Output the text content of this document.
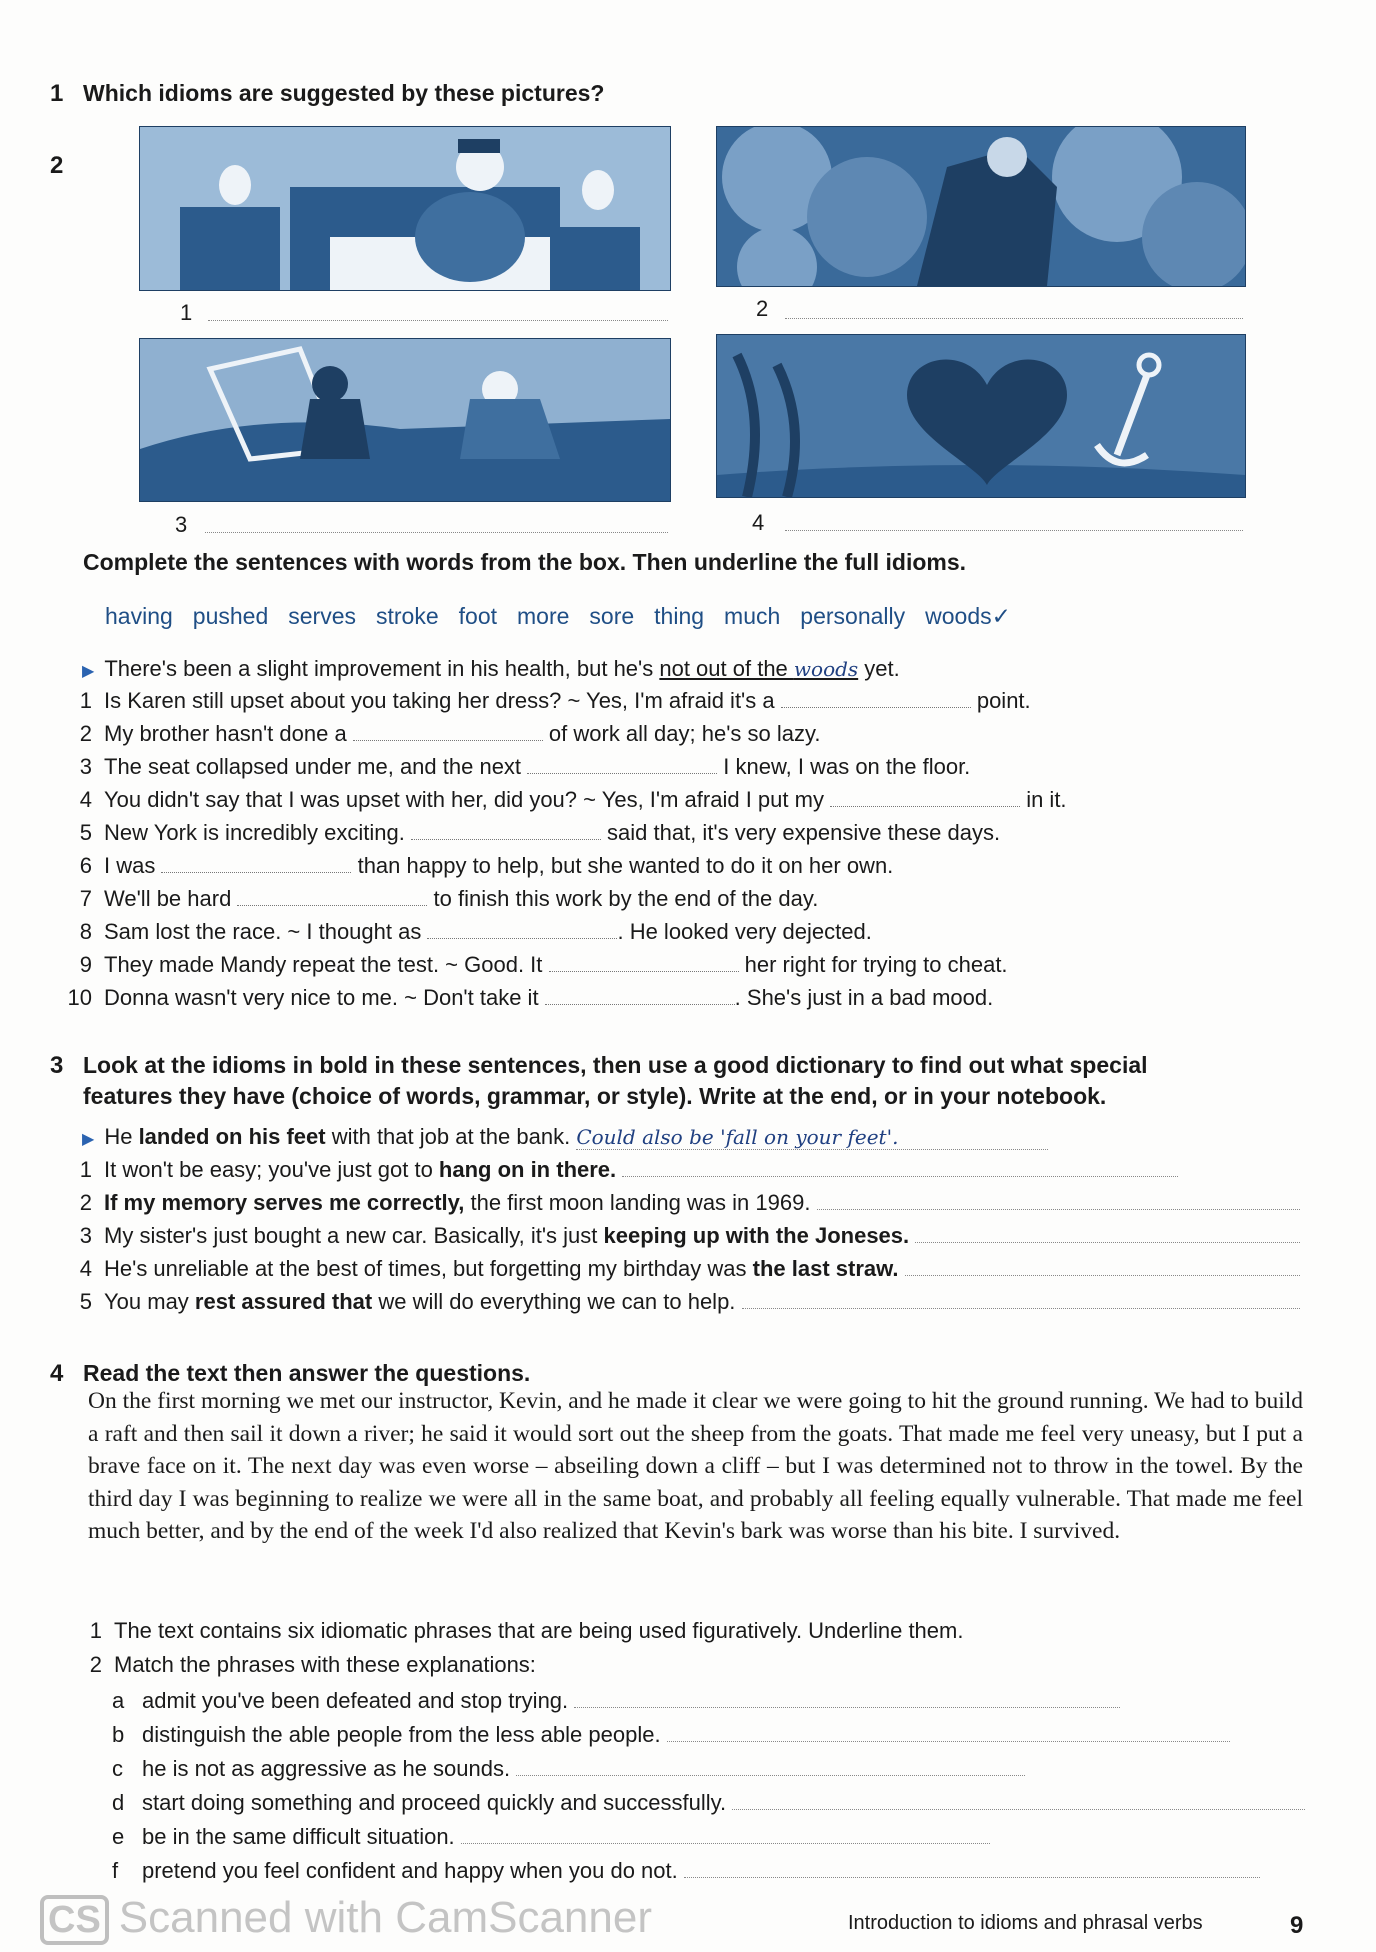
1 Which idioms are suggested by these pictures?
1	2
3	4
2
Complete the sentences with words from the box. Then underline the full idioms.
having pushed serves stroke foot more sore thing much personally woods✓
▶ There's been a slight improvement in his health, but he's not out of the woods yet.
3 Look at the idioms in bold in these sentences, then use a good dictionary to find out what special
features they have (choice of words, grammar, or style). Write at the end, or in your notebook.
▶ He landed on his feet with that job at the bank. Could also be 'fall on your feet'.
4 Read the text then answer the questions.
On the first morning we met our instructor, Kevin, and he made it clear we were going to hit the ground running. We had to build a raft and then sail it down a river; he said it would sort out the sheep from the goats. That made me feel very uneasy, but I put a brave face on it. The next day was even worse – abseiling down a cliff – but I was determined not to throw in the towel. By the third day I was beginning to realize we were all in the same boat, and probably all feeling equally vulnerable. That made me feel much better, and by the end of the week I'd also realized that Kevin's bark was worse than his bite. I survived.
1 The text contains six idiomatic phrases that are being used figuratively. Underline them.
2 Match the phrases with these explanations:
CS Scanned with CamScanner	Introduction to idioms and phrasal verbs	9
1 Is Karen still upset about you taking her dress? ~ Yes, I'm afraid it's a	point.
2 My brother hasn't done a	of work all day; he's so lazy.
3 The seat collapsed under me, and the next	I knew, I was on the floor.
4 You didn't say that I was upset with her, did you? ~ Yes, I'm afraid I put my	in it.
5 New York is incredibly exciting.	said that, it's very expensive these days.
6 I was	than happy to help, but she wanted to do it on her own.
7 We'll be hard	to finish this work by the end of the day.
8 Sam lost the race. ~ I thought as	. He looked very dejected.
9 They made Mandy repeat the test. ~ Good. It	her right for trying to cheat.
10 Donna wasn't very nice to me. ~ Don't take it	. She's just in a bad mood.
1 It won't be easy; you've just got to hang on in there.
2 If my memory serves me correctly, the first moon landing was in 1969.
3 My sister's just bought a new car. Basically, it's just keeping up with the Joneses.
4 He's unreliable at the best of times, but forgetting my birthday was the last straw.
5 You may rest assured that we will do everything we can to help.
a admit you've been defeated and stop trying.
b distinguish the able people from the less able people.
c he is not as aggressive as he sounds.
d start doing something and proceed quickly and successfully.
e be in the same difficult situation.
f pretend you feel confident and happy when you do not.
